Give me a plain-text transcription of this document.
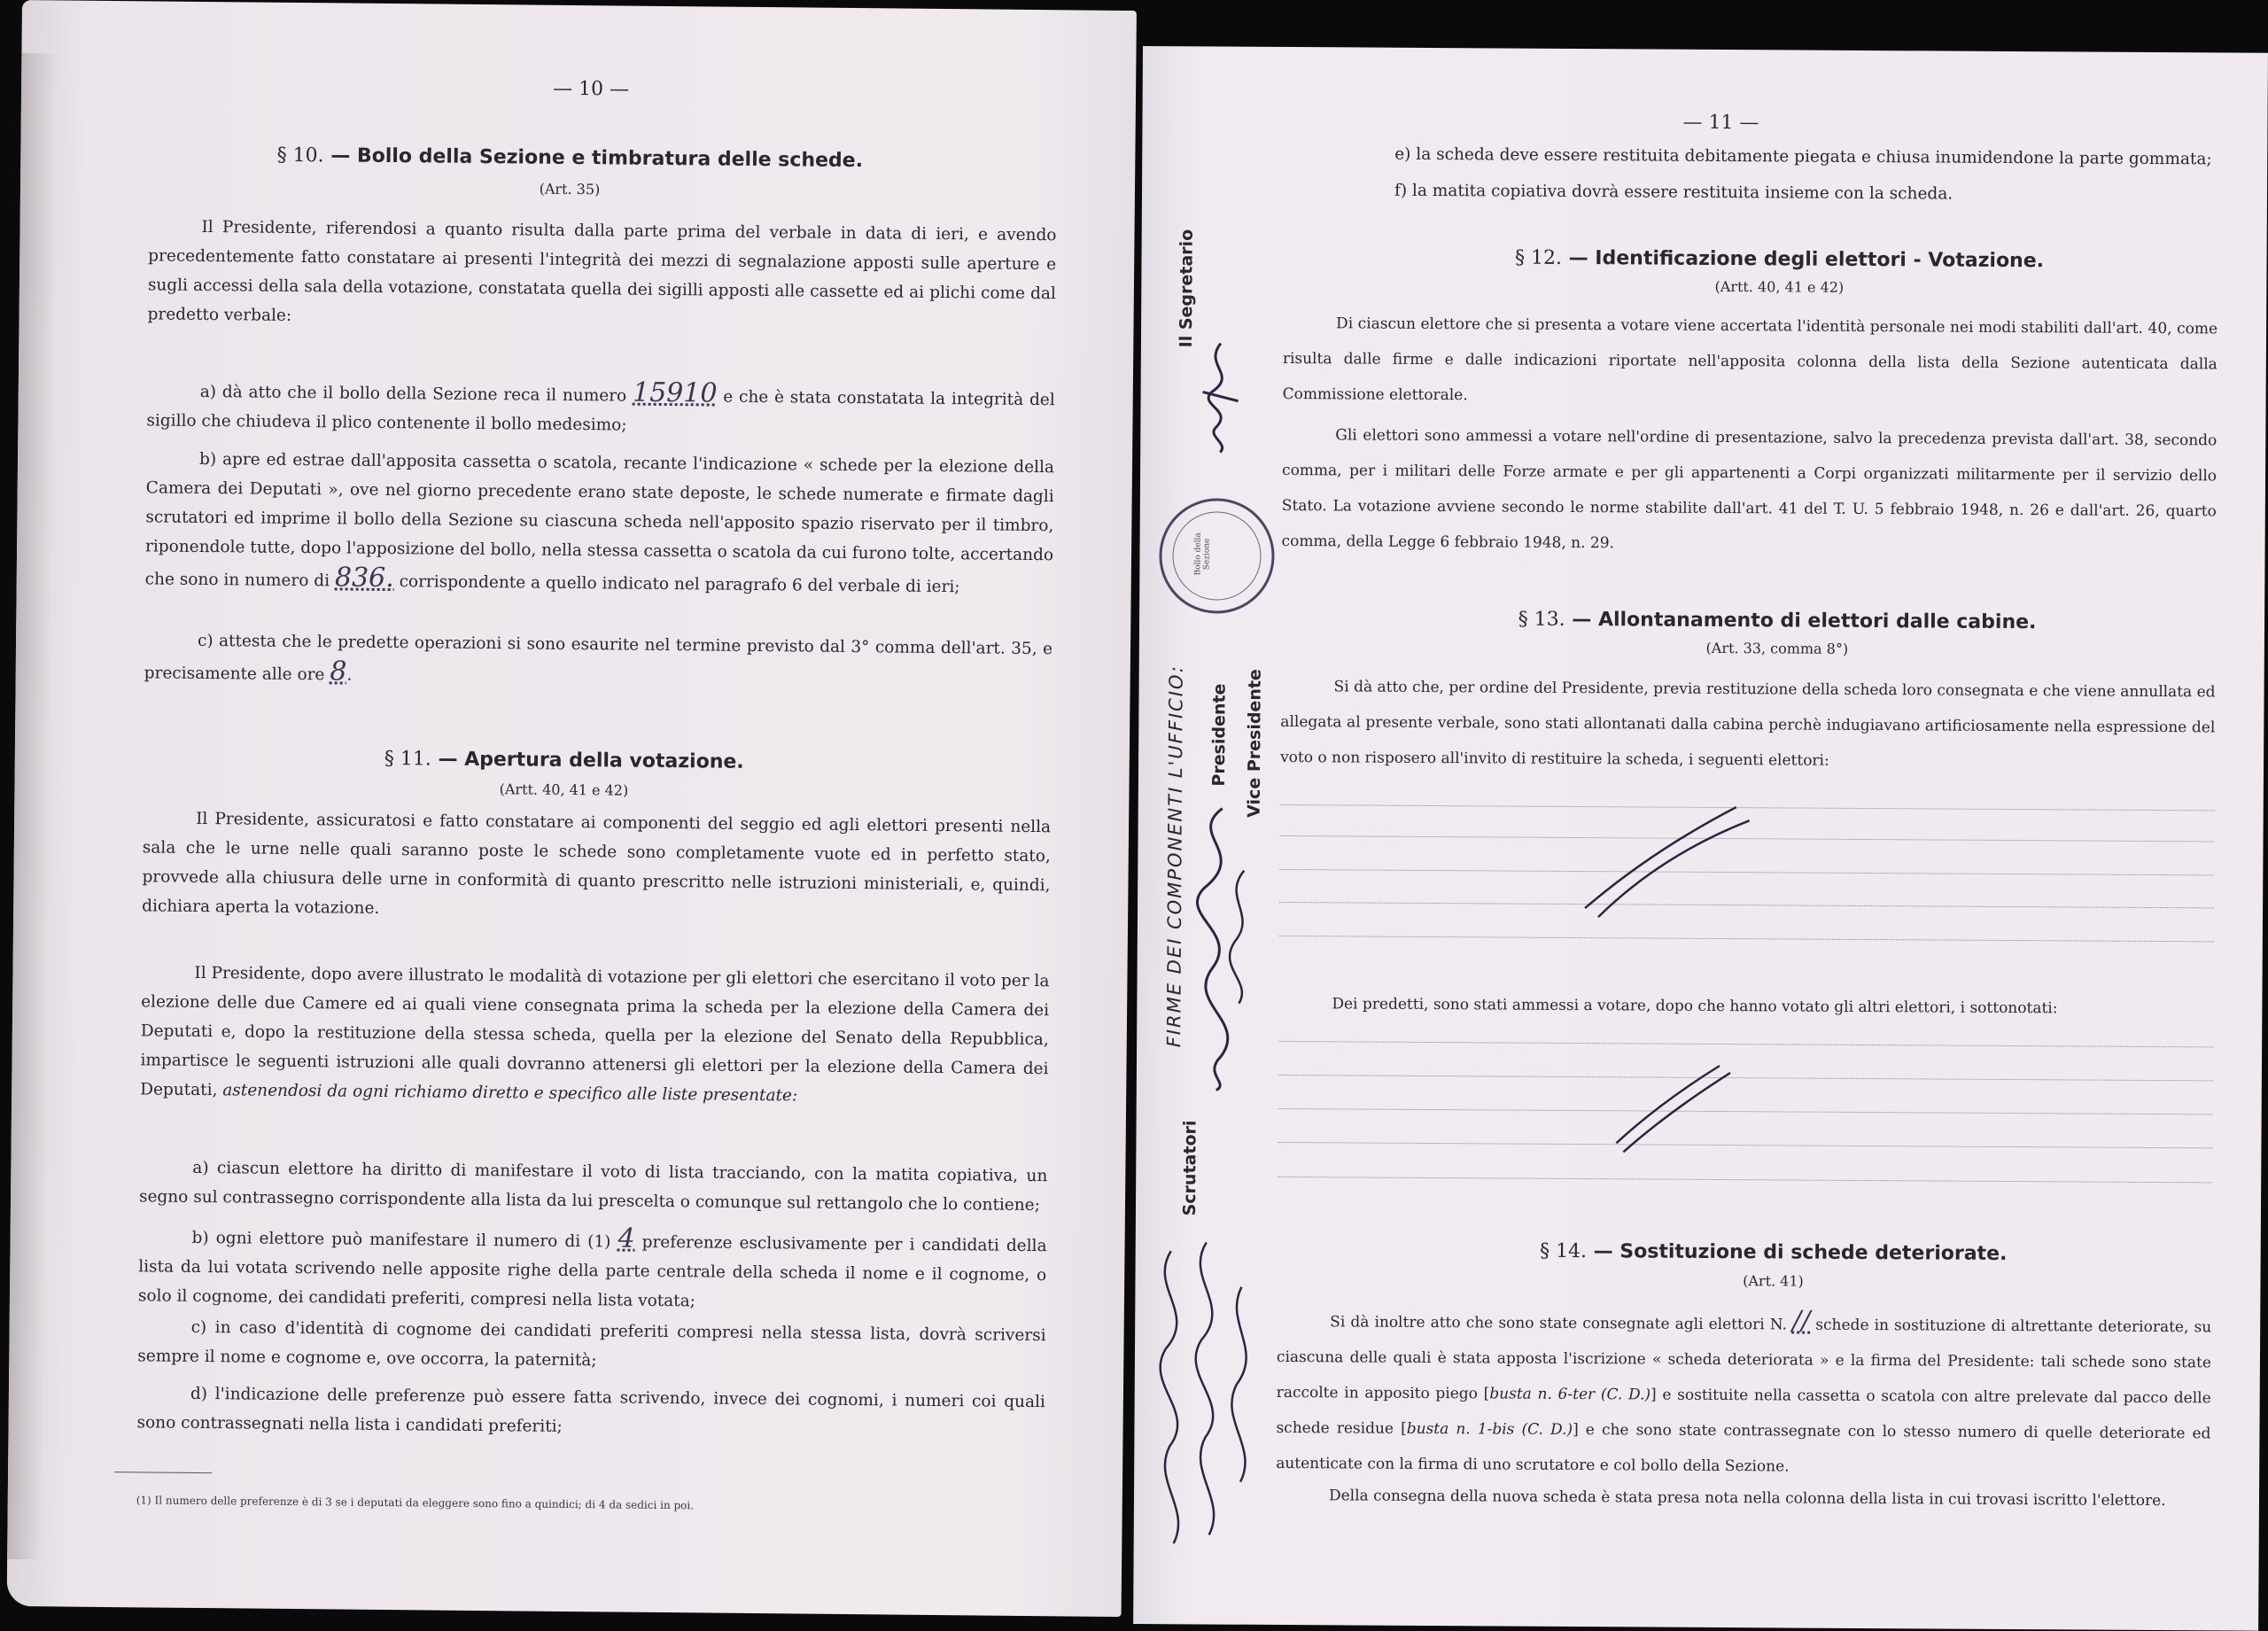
— 10 —
§ 10. — Bollo della Sezione e timbratura delle schede.
(Art. 35)
Il Presidente, riferendosi a quanto risulta dalla parte prima del verbale in data di ieri, e avendo precedentemente fatto constatare ai presenti l'integrità dei mezzi di segnalazione apposti sulle aperture e sugli accessi della sala della votazione, constatata quella dei sigilli apposti alle cassette ed ai plichi come dal predetto verbale:
a) dà atto che il bollo della Sezione reca il numero 15910 e che è stata constatata la integrità del sigillo che chiudeva il plico contenente il bollo medesimo;
b) apre ed estrae dall'apposita cassetta o scatola, recante l'indicazione « schede per la elezione della Camera dei Deputati », ove nel giorno precedente erano state deposte, le schede numerate e firmate dagli scrutatori ed imprime il bollo della Sezione su ciascuna scheda nell'apposito spazio riservato per il timbro, riponendole tutte, dopo l'apposizione del bollo, nella stessa cassetta o scatola da cui furono tolte, accertando che sono in numero di 836. corrispondente a quello indicato nel paragrafo 6 del verbale di ieri;
c) attesta che le predette operazioni si sono esaurite nel termine previsto dal 3° comma dell'art. 35, e precisamente alle ore 8.
§ 11. — Apertura della votazione.
(Artt. 40, 41 e 42)
Il Presidente, assicuratosi e fatto constatare ai componenti del seggio ed agli elettori presenti nella sala che le urne nelle quali saranno poste le schede sono completamente vuote ed in perfetto stato, provvede alla chiusura delle urne in conformità di quanto prescritto nelle istruzioni ministeriali, e, quindi, dichiara aperta la votazione.
Il Presidente, dopo avere illustrato le modalità di votazione per gli elettori che esercitano il voto per la elezione delle due Camere ed ai quali viene consegnata prima la scheda per la elezione della Camera dei Deputati e, dopo la restituzione della stessa scheda, quella per la elezione del Senato della Repubblica, impartisce le seguenti istruzioni alle quali dovranno attenersi gli elettori per la elezione della Camera dei Deputati, astenendosi da ogni richiamo diretto e specifico alle liste presentate:
a) ciascun elettore ha diritto di manifestare il voto di lista tracciando, con la matita copiativa, un segno sul contrassegno corrispondente alla lista da lui prescelta o comunque sul rettangolo che lo contiene;
b) ogni elettore può manifestare il numero di (1) 4 preferenze esclusivamente per i candidati della lista da lui votata scrivendo nelle apposite righe della parte centrale della scheda il nome e il cognome, o solo il cognome, dei candidati preferiti, compresi nella lista votata;
c) in caso d'identità di cognome dei candidati preferiti compresi nella stessa lista, dovrà scriversi sempre il nome e cognome e, ove occorra, la paternità;
d) l'indicazione delle preferenze può essere fatta scrivendo, invece dei cognomi, i numeri coi quali sono contrassegnati nella lista i candidati preferiti;
(1) Il numero delle preferenze è di 3 se i deputati da eleggere sono fino a quindici; di 4 da sedici in poi.
— 11 —
e) la scheda deve essere restituita debitamente piegata e chiusa inumidendone la parte gommata;
f) la matita copiativa dovrà essere restituita insieme con la scheda.
§ 12. — Identificazione degli elettori - Votazione.
(Artt. 40, 41 e 42)
Di ciascun elettore che si presenta a votare viene accertata l'identità personale nei modi stabiliti dall'art. 40, come risulta dalle firme e dalle indicazioni riportate nell'apposita colonna della lista della Sezione autenticata dalla Commissione elettorale.
Gli elettori sono ammessi a votare nell'ordine di presentazione, salvo la precedenza prevista dall'art. 38, secondo comma, per i militari delle Forze armate e per gli appartenenti a Corpi organizzati militarmente per il servizio dello Stato. La votazione avviene secondo le norme stabilite dall'art. 41 del T. U. 5 febbraio 1948, n. 26 e dall'art. 26, quarto comma, della Legge 6 febbraio 1948, n. 29.
§ 13. — Allontanamento di elettori dalle cabine.
(Art. 33, comma 8°)
Si dà atto che, per ordine del Presidente, previa restituzione della scheda loro consegnata e che viene annullata ed allegata al presente verbale, sono stati allontanati dalla cabina perchè indugiavano artificiosamente nella espressione del voto o non risposero all'invito di restituire la scheda, i seguenti elettori:
Dei predetti, sono stati ammessi a votare, dopo che hanno votato gli altri elettori, i sottonotati:
§ 14. — Sostituzione di schede deteriorate.
(Art. 41)
Si dà inoltre atto che sono state consegnate agli elettori N. // schede in sostituzione di altrettante deteriorate, su ciascuna delle quali è stata apposta l'iscrizione « scheda deteriorata » e la firma del Presidente: tali schede sono state raccolte in apposito piego [busta n. 6-ter (C. D.)] e sostituite nella cassetta o scatola con altre prelevate dal pacco delle schede residue [busta n. 1-bis (C. D.)] e che sono state contrassegnate con lo stesso numero di quelle deteriorate ed autenticate con la firma di uno scrutatore e col bollo della Sezione.
Della consegna della nuova scheda è stata presa nota nella colonna della lista in cui trovasi iscritto l'elettore.
Il Segretario
FIRME DEI COMPONENTI L'UFFICIO: Presidente Vice Presidente
Scrutatori
Bollo della Sezione
